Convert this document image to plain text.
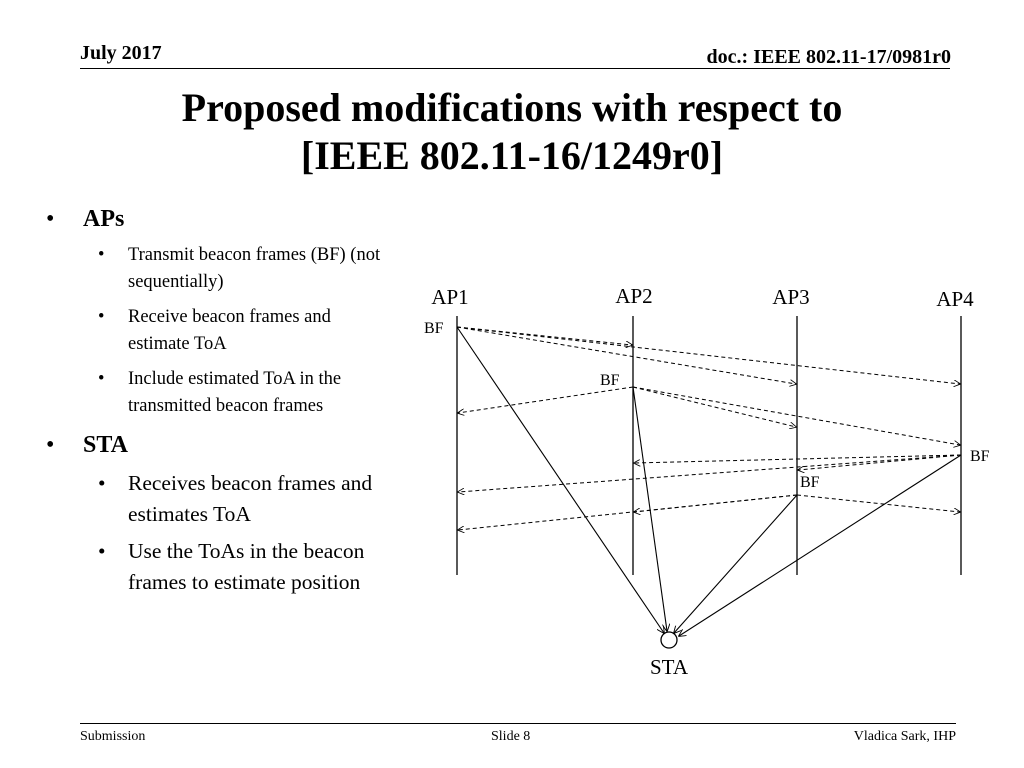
July 2017	doc.: IEEE 802.11-17/0981r0
Proposed modifications with respect to
[IEEE 802.11-16/1249r0]
• APs
• Transmit beacon frames (BF) (not sequentially)
• Receive beacon frames and estimate ToA
• Include estimated ToA in the transmitted beacon frames
• STA
• Receives beacon frames and estimates ToA
• Use the ToAs in the beacon frames to estimate position
AP1	AP2	AP3	AP4
BF
BF
BF
BF
STA
Submission	Slide 8	Vladica Sark, IHP
